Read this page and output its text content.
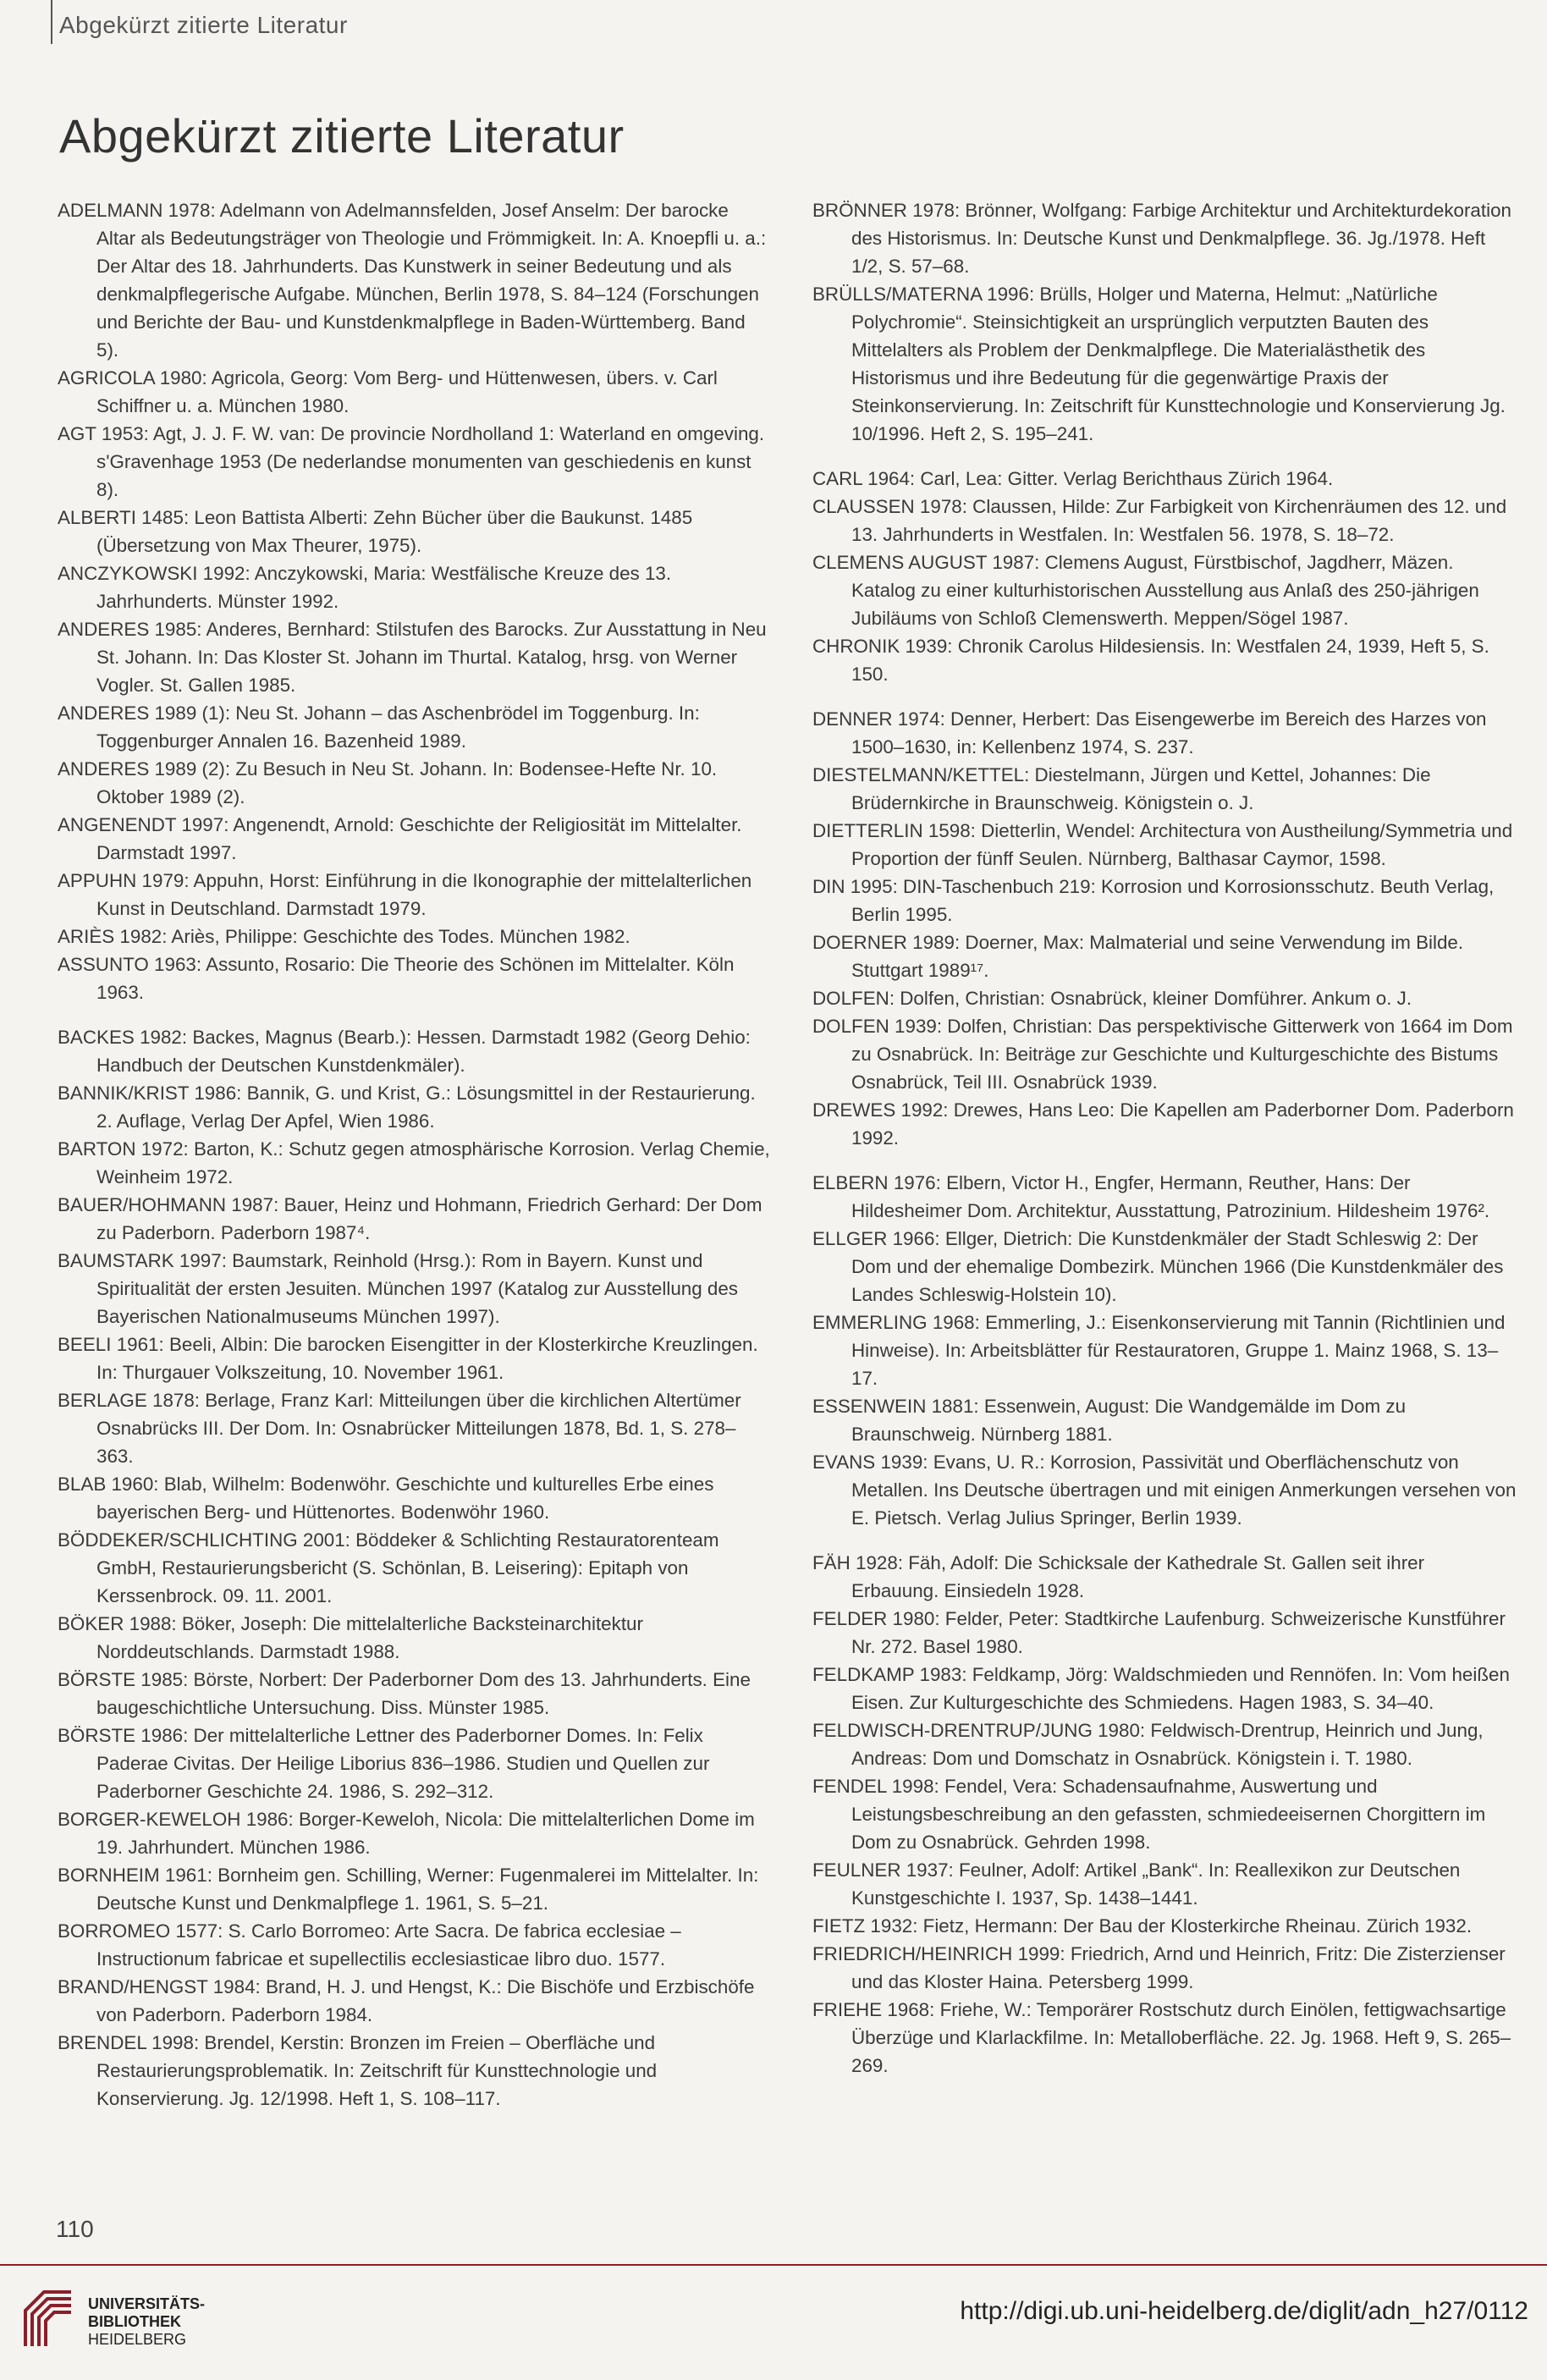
Abgekürzt zitierte Literatur
Abgekürzt zitierte Literatur

ADELMANN 1978: Adelmann von Adelmannsfelden, Josef Anselm: Der barocke Altar als Bedeutungsträger von Theologie und Frömmigkeit. In: A. Knoepfli u. a.: Der Altar des 18. Jahrhunderts. Das Kunstwerk in seiner Bedeutung und als denkmalpflegerische Aufgabe. München, Berlin 1978, S. 84–124 (Forschungen und Berichte der Bau- und Kunstdenkmalpflege in Baden-Württemberg. Band 5).

AGRICOLA 1980: Agricola, Georg: Vom Berg- und Hüttenwesen, übers. v. Carl Schiffner u. a. München 1980.

AGT 1953: Agt, J. J. F. W. van: De provincie Nordholland 1: Waterland en omgeving. s'Gravenhage 1953 (De nederlandse monumenten van geschiedenis en kunst 8).

ALBERTI 1485: Leon Battista Alberti: Zehn Bücher über die Baukunst. 1485 (Übersetzung von Max Theurer, 1975).

ANCZYKOWSKI 1992: Anczykowski, Maria: Westfälische Kreuze des 13. Jahrhunderts. Münster 1992.

ANDERES 1985: Anderes, Bernhard: Stilstufen des Barocks. Zur Ausstattung in Neu St. Johann. In: Das Kloster St. Johann im Thurtal. Katalog, hrsg. von Werner Vogler. St. Gallen 1985.

ANDERES 1989 (1): Neu St. Johann – das Aschenbrödel im Toggenburg. In: Toggenburger Annalen 16. Bazenheid 1989.

ANDERES 1989 (2): Zu Besuch in Neu St. Johann. In: Bodensee-Hefte Nr. 10. Oktober 1989 (2).

ANGENENDT 1997: Angenendt, Arnold: Geschichte der Religiosität im Mittelalter. Darmstadt 1997.

APPUHN 1979: Appuhn, Horst: Einführung in die Ikonographie der mittelalterlichen Kunst in Deutschland. Darmstadt 1979.

ARIÈS 1982: Ariès, Philippe: Geschichte des Todes. München 1982.

ASSUNTO 1963: Assunto, Rosario: Die Theorie des Schönen im Mittelalter. Köln 1963.

BACKES 1982: Backes, Magnus (Bearb.): Hessen. Darmstadt 1982 (Georg Dehio: Handbuch der Deutschen Kunstdenkmäler).

BANNIK/KRIST 1986: Bannik, G. und Krist, G.: Lösungsmittel in der Restaurierung. 2. Auflage, Verlag Der Apfel, Wien 1986.

BARTON 1972: Barton, K.: Schutz gegen atmosphärische Korrosion. Verlag Chemie, Weinheim 1972.

BAUER/HOHMANN 1987: Bauer, Heinz und Hohmann, Friedrich Gerhard: Der Dom zu Paderborn. Paderborn 1987⁴.

BAUMSTARK 1997: Baumstark, Reinhold (Hrsg.): Rom in Bayern. Kunst und Spiritualität der ersten Jesuiten. München 1997 (Katalog zur Ausstellung des Bayerischen Nationalmuseums München 1997).

BEELI 1961: Beeli, Albin: Die barocken Eisengitter in der Klosterkirche Kreuzlingen. In: Thurgauer Volkszeitung, 10. November 1961.

BERLAGE 1878: Berlage, Franz Karl: Mitteilungen über die kirchlichen Altertümer Osnabrücks III. Der Dom. In: Osnabrücker Mitteilungen 1878, Bd. 1, S. 278–363.

BLAB 1960: Blab, Wilhelm: Bodenwöhr. Geschichte und kulturelles Erbe eines bayerischen Berg- und Hüttenortes. Bodenwöhr 1960.

BÖDDEKER/SCHLICHTING 2001: Böddeker & Schlichting Restauratorenteam GmbH, Restaurierungsbericht (S. Schönlan, B. Leisering): Epitaph von Kerssenbrock. 09. 11. 2001.

BÖKER 1988: Böker, Joseph: Die mittelalterliche Backsteinarchitektur Norddeutschlands. Darmstadt 1988.

BÖRSTE 1985: Börste, Norbert: Der Paderborner Dom des 13. Jahrhunderts. Eine baugeschichtliche Untersuchung. Diss. Münster 1985.

BÖRSTE 1986: Der mittelalterliche Lettner des Paderborner Domes. In: Felix Paderae Civitas. Der Heilige Liborius 836–1986. Studien und Quellen zur Paderborner Geschichte 24. 1986, S. 292–312.

BORGER-KEWELOH 1986: Borger-Keweloh, Nicola: Die mittelalterlichen Dome im 19. Jahrhundert. München 1986.

BORNHEIM 1961: Bornheim gen. Schilling, Werner: Fugenmalerei im Mittelalter. In: Deutsche Kunst und Denkmalpflege 1. 1961, S. 5–21.

BORROMEO 1577: S. Carlo Borromeo: Arte Sacra. De fabrica ecclesiae – Instructionum fabricae et supellectilis ecclesiasticae libro duo. 1577.

BRAND/HENGST 1984: Brand, H. J. und Hengst, K.: Die Bischöfe und Erzbischöfe von Paderborn. Paderborn 1984.

BRENDEL 1998: Brendel, Kerstin: Bronzen im Freien – Oberfläche und Restaurierungsproblematik. In: Zeitschrift für Kunsttechnologie und Konservierung. Jg. 12/1998. Heft 1, S. 108–117.

BRÖNNER 1978: Brönner, Wolfgang: Farbige Architektur und Architekturdekoration des Historismus. In: Deutsche Kunst und Denkmalpflege. 36. Jg./1978. Heft 1/2, S. 57–68.

BRÜLLS/MATERNA 1996: Brülls, Holger und Materna, Helmut: „Natürliche Polychromie“. Steinsichtigkeit an ursprünglich verputzten Bauten des Mittelalters als Problem der Denkmalpflege. Die Materialästhetik des Historismus und ihre Bedeutung für die gegenwärtige Praxis der Steinkonservierung. In: Zeitschrift für Kunsttechnologie und Konservierung Jg. 10/1996. Heft 2, S. 195–241.

CARL 1964: Carl, Lea: Gitter. Verlag Berichthaus Zürich 1964.

CLAUSSEN 1978: Claussen, Hilde: Zur Farbigkeit von Kirchenräumen des 12. und 13. Jahrhunderts in Westfalen. In: Westfalen 56. 1978, S. 18–72.

CLEMENS AUGUST 1987: Clemens August, Fürstbischof, Jagdherr, Mäzen. Katalog zu einer kulturhistorischen Ausstellung aus Anlaß des 250-jährigen Jubiläums von Schloß Clemenswerth. Meppen/Sögel 1987.

CHRONIK 1939: Chronik Carolus Hildesiensis. In: Westfalen 24, 1939, Heft 5, S. 150.

DENNER 1974: Denner, Herbert: Das Eisengewerbe im Bereich des Harzes von 1500–1630, in: Kellenbenz 1974, S. 237.

DIESTELMANN/KETTEL: Diestelmann, Jürgen und Kettel, Johannes: Die Brüdernkirche in Braunschweig. Königstein o. J.

DIETTERLIN 1598: Dietterlin, Wendel: Architectura von Austheilung/Symmetria und Proportion der fünff Seulen. Nürnberg, Balthasar Caymor, 1598.

DIN 1995: DIN-Taschenbuch 219: Korrosion und Korrosionsschutz. Beuth Verlag, Berlin 1995.

DOERNER 1989: Doerner, Max: Malmaterial und seine Verwendung im Bilde. Stuttgart 1989¹⁷.

DOLFEN: Dolfen, Christian: Osnabrück, kleiner Domführer. Ankum o. J.

DOLFEN 1939: Dolfen, Christian: Das perspektivische Gitterwerk von 1664 im Dom zu Osnabrück. In: Beiträge zur Geschichte und Kulturgeschichte des Bistums Osnabrück, Teil III. Osnabrück 1939.

DREWES 1992: Drewes, Hans Leo: Die Kapellen am Paderborner Dom. Paderborn 1992.

ELBERN 1976: Elbern, Victor H., Engfer, Hermann, Reuther, Hans: Der Hildesheimer Dom. Architektur, Ausstattung, Patrozinium. Hildesheim 1976².

ELLGER 1966: Ellger, Dietrich: Die Kunstdenkmäler der Stadt Schleswig 2: Der Dom und der ehemalige Dombezirk. München 1966 (Die Kunstdenkmäler des Landes Schleswig-Holstein 10).

EMMERLING 1968: Emmerling, J.: Eisenkonservierung mit Tannin (Richtlinien und Hinweise). In: Arbeitsblätter für Restauratoren, Gruppe 1. Mainz 1968, S. 13–17.

ESSENWEIN 1881: Essenwein, August: Die Wandgemälde im Dom zu Braunschweig. Nürnberg 1881.

EVANS 1939: Evans, U. R.: Korrosion, Passivität und Oberflächenschutz von Metallen. Ins Deutsche übertragen und mit einigen Anmerkungen versehen von E. Pietsch. Verlag Julius Springer, Berlin 1939.

FÄH 1928: Fäh, Adolf: Die Schicksale der Kathedrale St. Gallen seit ihrer Erbauung. Einsiedeln 1928.

FELDER 1980: Felder, Peter: Stadtkirche Laufenburg. Schweizerische Kunstführer Nr. 272. Basel 1980.

FELDKAMP 1983: Feldkamp, Jörg: Waldschmieden und Rennöfen. In: Vom heißen Eisen. Zur Kulturgeschichte des Schmiedens. Hagen 1983, S. 34–40.

FELDWISCH-DRENTRUP/JUNG 1980: Feldwisch-Drentrup, Heinrich und Jung, Andreas: Dom und Domschatz in Osnabrück. Königstein i. T. 1980.

FENDEL 1998: Fendel, Vera: Schadensaufnahme, Auswertung und Leistungsbeschreibung an den gefassten, schmiedeeisernen Chorgittern im Dom zu Osnabrück. Gehrden 1998.

FEULNER 1937: Feulner, Adolf: Artikel „Bank“. In: Reallexikon zur Deutschen Kunstgeschichte I. 1937, Sp. 1438–1441.

FIETZ 1932: Fietz, Hermann: Der Bau der Klosterkirche Rheinau. Zürich 1932.

FRIEDRICH/HEINRICH 1999: Friedrich, Arnd und Heinrich, Fritz: Die Zisterzienser und das Kloster Haina. Petersberg 1999.

FRIEHE 1968: Friehe, W.: Temporärer Rostschutz durch Einölen, fettigwachsartige Überzüge und Klarlackfilme. In: Metalloberfläche. 22. Jg. 1968. Heft 9, S. 265–269.

110
UNIVERSITÄTS-
BIBLIOTHEK
HEIDELBERG
http://digi.ub.uni-heidelberg.de/diglit/adn_h27/0112
